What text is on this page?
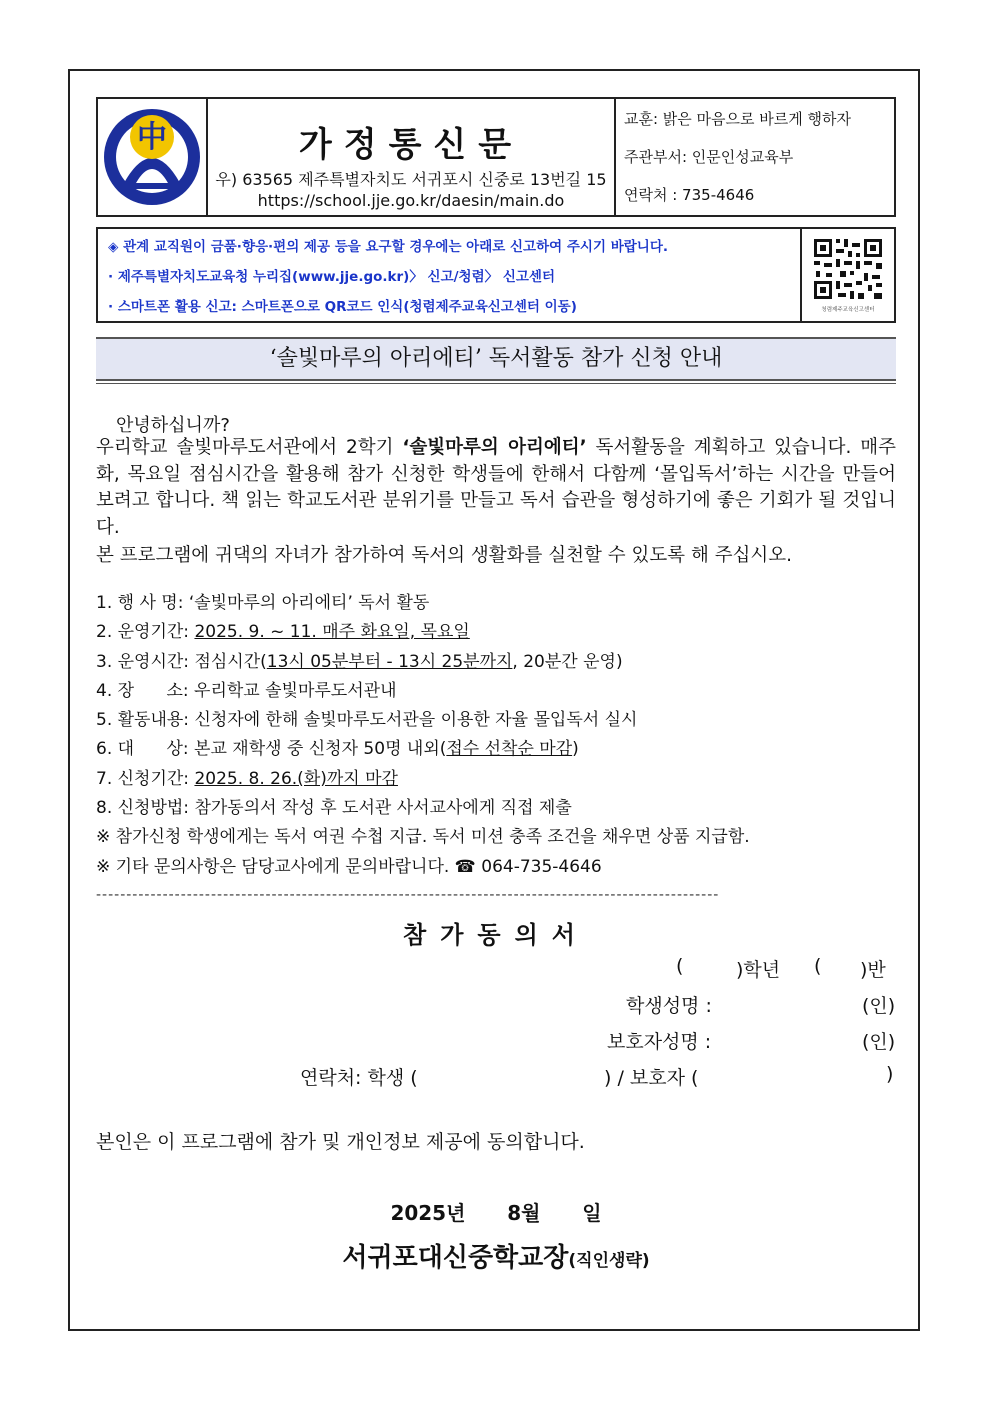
中	가정통신문
우) 63565 제주특별자치도 서귀포시 신중로 13번길 15
https://school.jje.go.kr/daesin/main.do
교훈: 밝은 마음으로 바르게 행하자
주관부서: 인문인성교육부
연락처 : 735-4646
◈ 관계 교직원이 금품·향응·편의 제공 등을 요구할 경우에는 아래로 신고하여 주시기 바랍니다.
· 제주특별자치도교육청 누리집(www.jje.go.kr)〉 신고/청렴〉 신고센터
· 스마트폰 활용 신고: 스마트폰으로 QR코드 인식(청렴제주교육신고센터 이동)	청렴제주교육신고센터
‘솔빛마루의 아리에티’ 독서활동 참가 신청 안내
안녕하십니까?
우리학교 솔빛마루도서관에서 2학기 ‘솔빛마루의 아리에티’ 독서활동을 계획하고 있습니다. 매주 화, 목요일 점심시간을 활용해 참가 신청한 학생들에 한해서 다함께 ‘몰입독서’하는 시간을 만들어 보려고 합니다. 책 읽는 학교도서관 분위기를 만들고 독서 습관을 형성하기에 좋은 기회가 될 것입니다.
본 프로그램에 귀댁의 자녀가 참가하여 독서의 생활화를 실천할 수 있도록 해 주십시오.
1. 행 사 명: ‘솔빛마루의 아리에티’ 독서 활동
2. 운영기간: 2025. 9. ~ 11. 매주 화요일, 목요일
3. 운영시간: 점심시간(13시 05분부터 - 13시 25분까지, 20분간 운영)
4. 장      소: 우리학교 솔빛마루도서관내
5. 활동내용: 신청자에 한해 솔빛마루도서관을 이용한 자율 몰입독서 실시
6. 대      상: 본교 재학생 중 신청자 50명 내외(접수 선착순 마감)
7. 신청기간: 2025. 8. 26.(화)까지 마감
8. 신청방법: 참가동의서 작성 후 도서관 사서교사에게 직접 제출
※ 참가신청 학생에게는 독서 여권 수첩 지급. 독서 미션 충족 조건을 채우면 상품 지급함.
※ 기타 문의사항은 담당교사에게 문의바랍니다. ☎ 064-735-4646
-------------------------------------------------------------------------------------------------------
참가동의서
(	)학년 ( )반
학생성명 :	(인)
보호자성명 :	(인)
연락처: 학생 (	) / 보호자 (	)
본인은 이 프로그램에 참가 및 개인정보 제공에 동의합니다.
2025년      8월      일
서귀포대신중학교장(직인생략)
